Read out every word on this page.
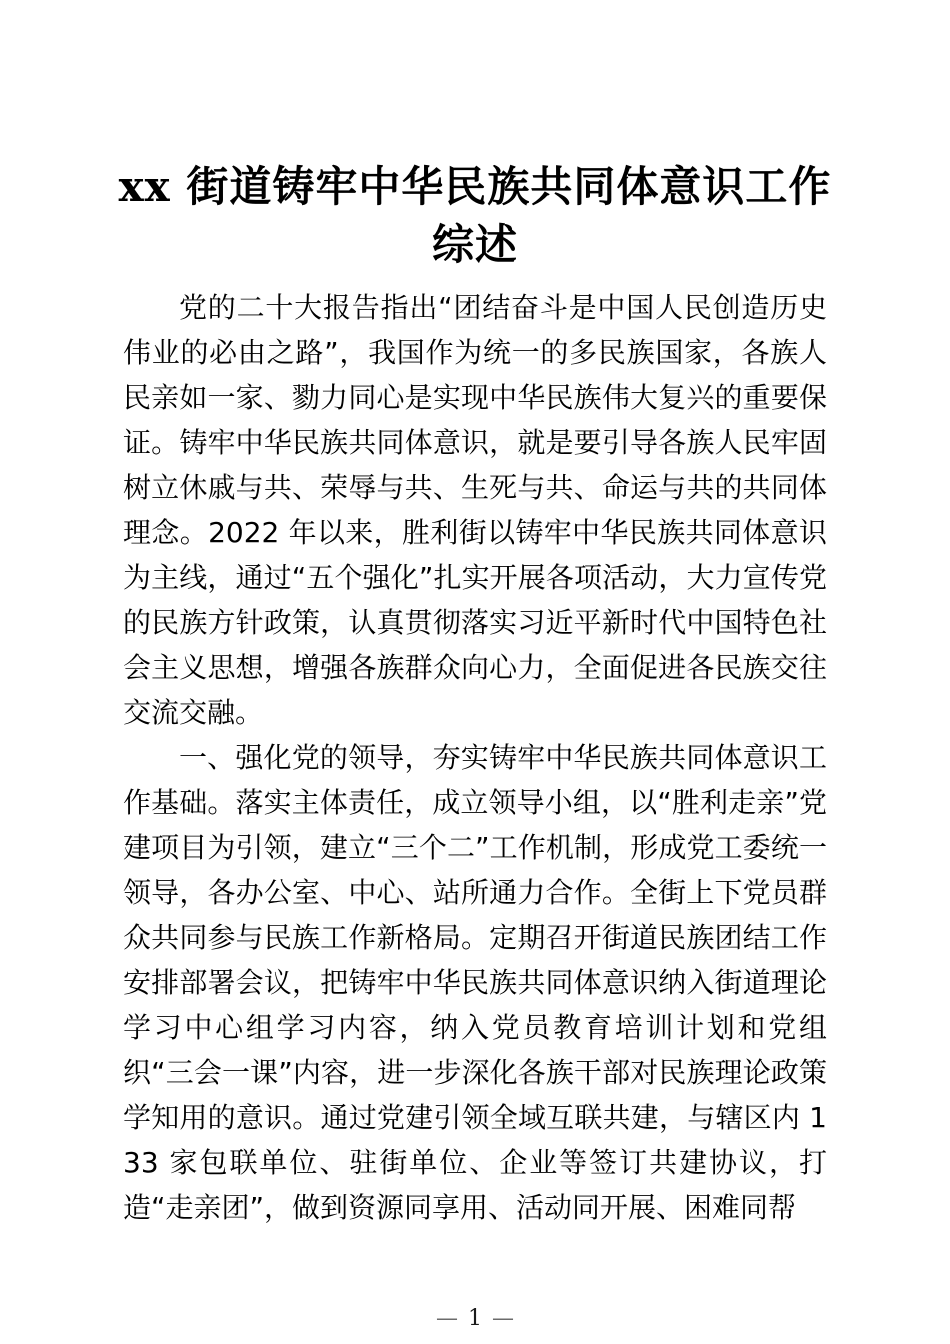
xx 街道铸牢中华民族共同体意识工作
综述

党的二十大报告指出“团结奋斗是中国人民创造历史伟业的必由之路”，我国作为统一的多民族国家，各族人民亲如一家、勠力同心是实现中华民族伟大复兴的重要保证。铸牢中华民族共同体意识，就是要引导各族人民牢固树立休戚与共、荣辱与共、生死与共、命运与共的共同体理念。2022 年以来，胜利街以铸牢中华民族共同体意识为主线，通过“五个强化”扎实开展各项活动，大力宣传党的民族方针政策，认真贯彻落实习近平新时代中国特色社会主义思想，增强各族群众向心力，全面促进各民族交往交流交融。

一、强化党的领导，夯实铸牢中华民族共同体意识工作基础。落实主体责任，成立领导小组，以“胜利走亲”党建项目为引领，建立“三个二”工作机制，形成党工委统一领导，各办公室、中心、站所通力合作。全街上下党员群众共同参与民族工作新格局。定期召开街道民族团结工作安排部署会议，把铸牢中华民族共同体意识纳入街道理论学习中心组学习内容，纳入党员教育培训计划和党组织“三会一课”内容，进一步深化各族干部对民族理论政策学知用的意识。通过党建引领全域互联共建，与辖区内 133 家包联单位、驻街单位、企业等签订共建协议，打造“走亲团”，做到资源同享用、活动同开展、困难同帮

— 1 —
